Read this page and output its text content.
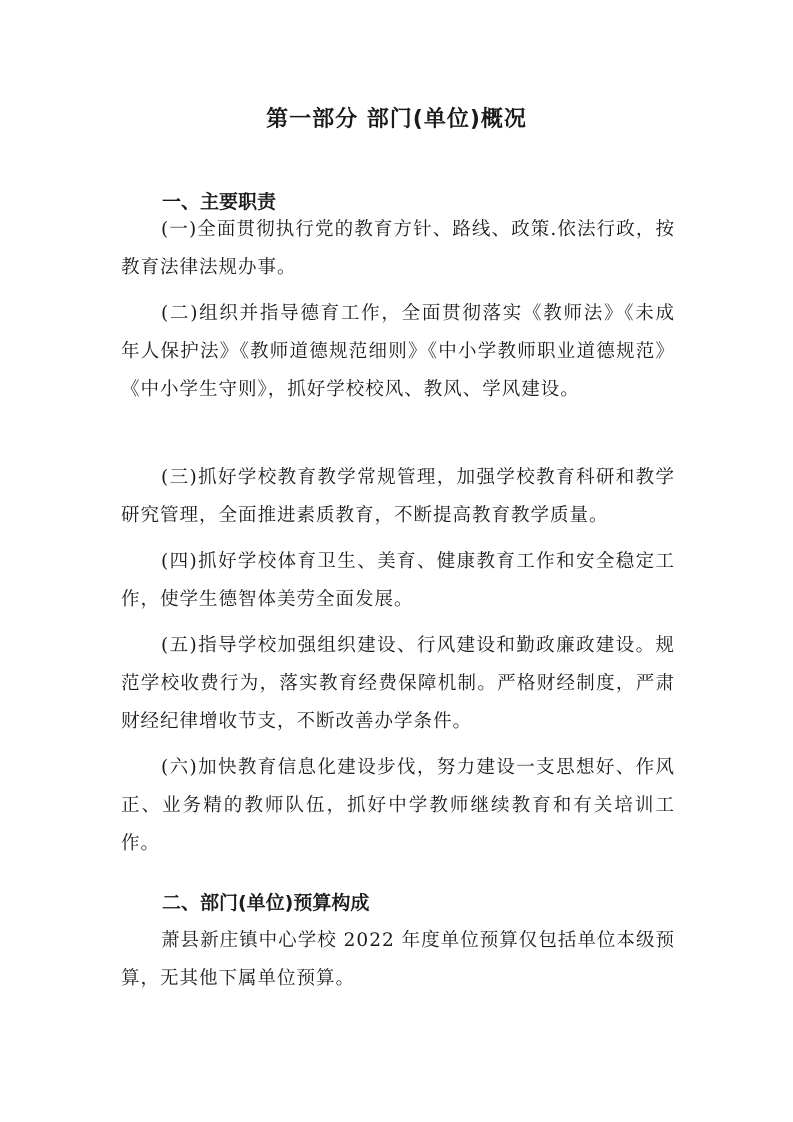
第一部分 部门(单位)概况
一、主要职责

(一)全面贯彻执行党的教育方针、路线、政策.依法行政，按教育法律法规办事。

(二)组织并指导德育工作，全面贯彻落实《教师法》《未成年人保护法》《教师道德规范细则》《中小学教师职业道德规范》《中小学生守则》，抓好学校校风、教风、学风建设。

(三)抓好学校教育教学常规管理，加强学校教育科研和教学研究管理，全面推进素质教育，不断提高教育教学质量。

(四)抓好学校体育卫生、美育、健康教育工作和安全稳定工作，使学生德智体美劳全面发展。

(五)指导学校加强组织建设、行风建设和勤政廉政建设。规范学校收费行为，落实教育经费保障机制。严格财经制度，严肃财经纪律增收节支，不断改善办学条件。

(六)加快教育信息化建设步伐，努力建设一支思想好、作风正、业务精的教师队伍，抓好中学教师继续教育和有关培训工作。

二、部门(单位)预算构成

萧县新庄镇中心学校 2022 年度单位预算仅包括单位本级预算，无其他下属单位预算。
